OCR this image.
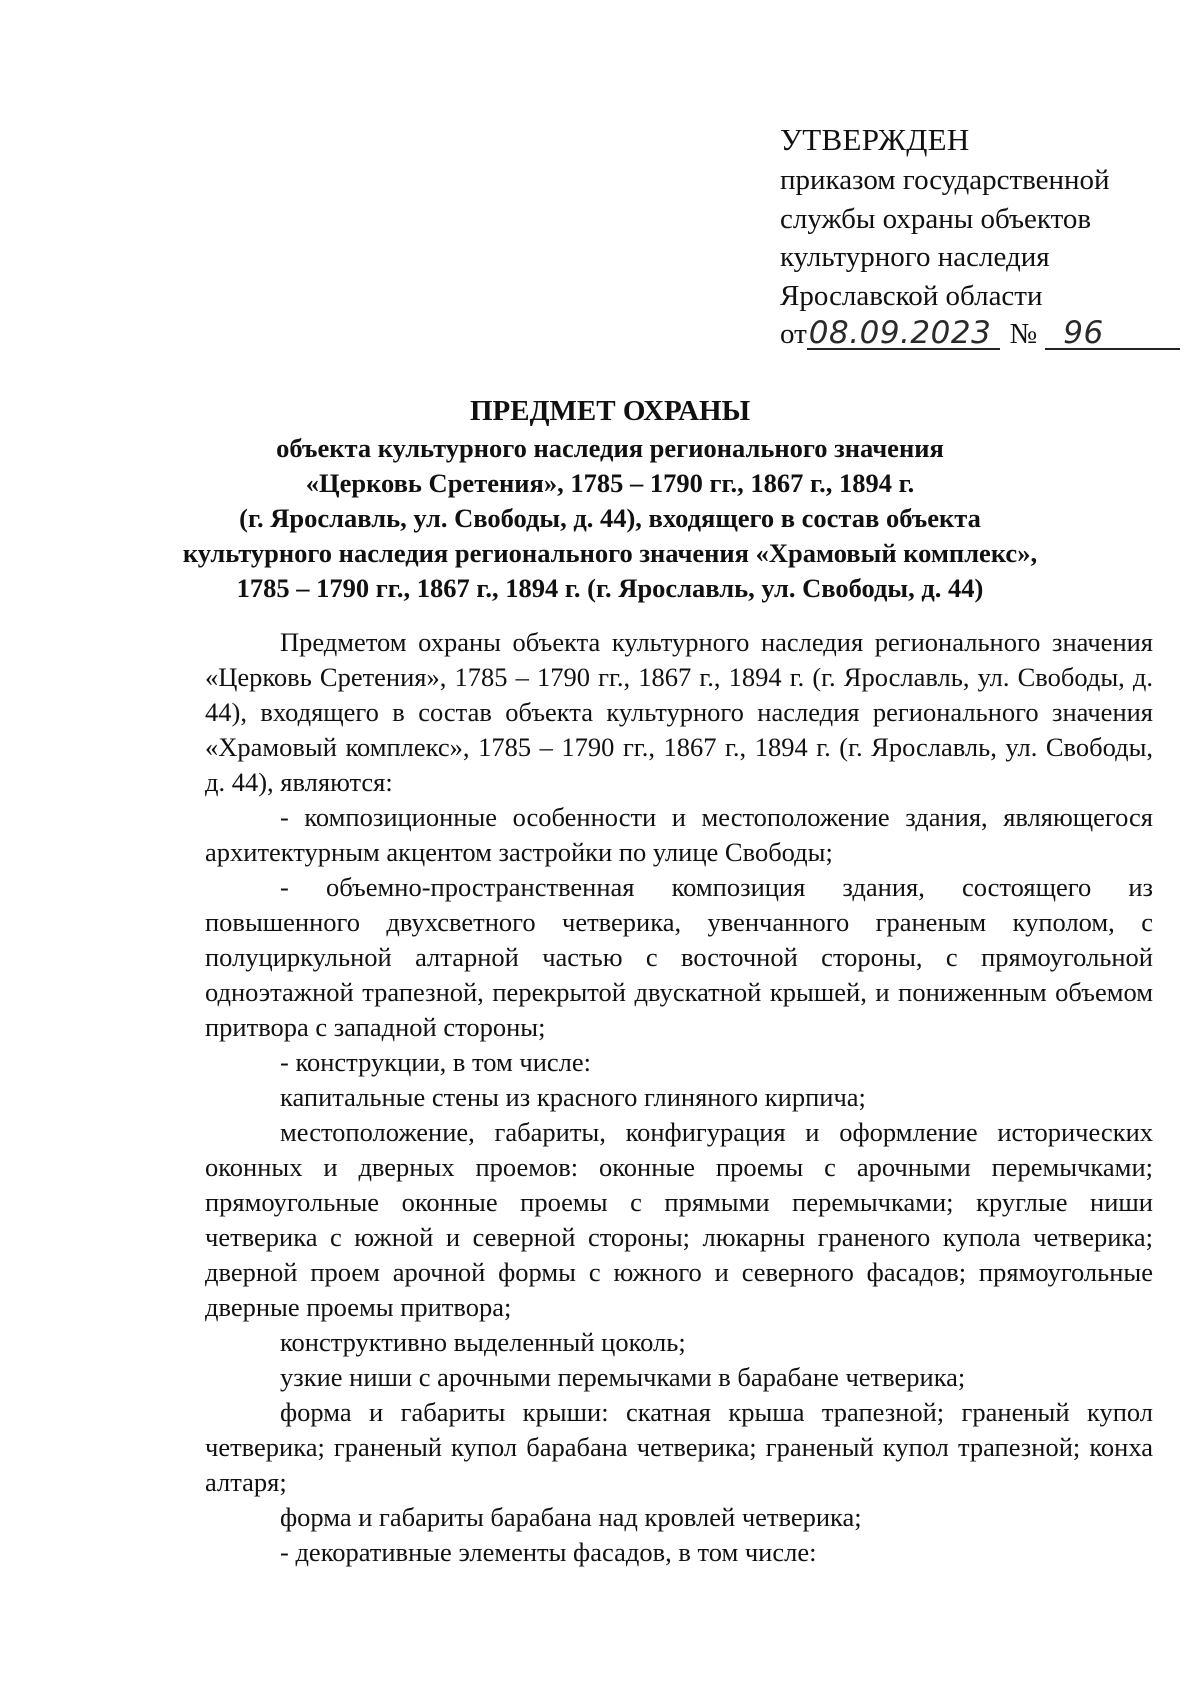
УТВЕРЖДЕН
приказом государственной
службы охраны объектов
культурного наследия
Ярославской области
от 08.09.2023 № 96
ПРЕДМЕТ ОХРАНЫ
объекта культурного наследия регионального значения
«Церковь Сретения», 1785 – 1790 гг., 1867 г., 1894 г.
(г. Ярославль, ул. Свободы, д. 44), входящего в состав объекта
культурного наследия регионального значения «Храмовый комплекс»,
1785 – 1790 гг., 1867 г., 1894 г. (г. Ярославль, ул. Свободы, д. 44)

Предметом охраны объекта культурного наследия регионального значения «Церковь Сретения», 1785 – 1790 гг., 1867 г., 1894 г. (г. Ярославль, ул. Свободы, д. 44), входящего в состав объекта культурного наследия регионального значения «Храмовый комплекс», 1785 – 1790 гг., 1867 г., 1894 г. (г. Ярославль, ул. Свободы, д. 44), являются:

- композиционные особенности и местоположение здания, являющегося архитектурным акцентом застройки по улице Свободы;

- объемно-пространственная композиция здания, состоящего из повышенного двухсветного четверика, увенчанного граненым куполом, с полуциркульной алтарной частью с восточной стороны, с прямоугольной одноэтажной трапезной, перекрытой двускатной крышей, и пониженным объемом притвора с западной стороны;

- конструкции, в том числе:

капитальные стены из красного глиняного кирпича;

местоположение, габариты, конфигурация и оформление исторических оконных и дверных проемов: оконные проемы с арочными перемычками; прямоугольные оконные проемы с прямыми перемычками; круглые ниши четверика с южной и северной стороны; люкарны граненого купола четверика; дверной проем арочной формы с южного и северного фасадов; прямоугольные дверные проемы притвора;

конструктивно выделенный цоколь;

узкие ниши с арочными перемычками в барабане четверика;

форма и габариты крыши: скатная крыша трапезной; граненый купол четверика; граненый купол барабана четверика; граненый купол трапезной; конха алтаря;

форма и габариты барабана над кровлей четверика;

- декоративные элементы фасадов, в том числе:
